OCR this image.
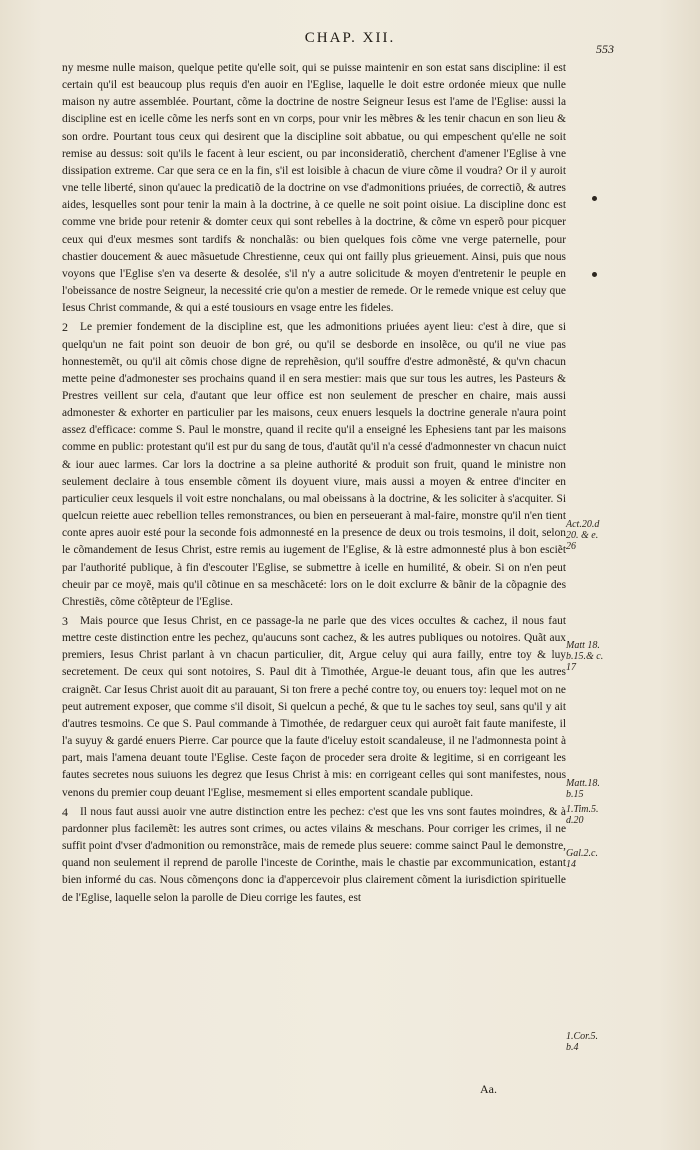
CHAP. XII.
553

ny mesme nulle maison, quelque petite qu'elle soit, qui se puisse maintenir en son estat sans discipline: il est certain qu'il est beaucoup plus requis d'en auoir en l'Eglise, laquelle le doit estre ordonée mieux que nulle maison ny autre assemblée. Pourtant, cõme la doctrine de nostre Seigneur Iesus est l'ame de l'Eglise: aussi la discipline est en icelle cõme les nerfs sont en vn corps, pour vnir les mẽbres & les tenir chacun en son lieu & son ordre. Pourtant tous ceux qui desirent que la discipline soit abbatue, ou qui empeschent qu'elle ne soit remise au dessus: soit qu'ils le facent à leur escient, ou par inconsideratiõ, cherchent d'amener l'Eglise à vne dissipation extreme. Car que sera ce en la fin, s'il est loisible à chacun de viure cõme il voudra? Or il y auroit vne telle liberté, sinon qu'auec la predicatiõ de la doctrine on vse d'admonitions priuées, de correctiõ, & autres aides, lesquelles sont pour tenir la main à la doctrine, à ce quelle ne soit point oisiue. La discipline donc est comme vne bride pour retenir & domter ceux qui sont rebelles à la doctrine, & cõme vn esperõ pour picquer ceux qui d'eux mesmes sont tardifs & nonchalãs: ou bien quelques fois cõme vne verge paternelle, pour chastier doucement & auec mãsuetude Chrestienne, ceux qui ont failly plus grieuement. Ainsi, puis que nous voyons que l'Eglise s'en va deserte & desolée, s'il n'y a autre solicitude & moyen d'entretenir le peuple en l'obeissance de nostre Seigneur, la necessité crie qu'on a mestier de remede. Or le remede vnique est celuy que Iesus Christ commande, & qui a esté tousiours en vsage entre les fideles.

2 Le premier fondement de la discipline est, que les admonitions priuées ayent lieu: c'est à dire, que si quelqu'un ne fait point son deuoir de bon gré, ou qu'il se desborde en insolẽce, ou qu'il ne viue pas honnestemẽt, ou qu'il ait cõmis chose digne de reprehẽsion, qu'il souffre d'estre admonẽsté, & qu'vn chacun mette peine d'admonester ses prochains quand il en sera mestier: mais que sur tous les autres, les Pasteurs & Prestres veillent sur cela, d'autant que leur office est non seulement de prescher en chaire, mais aussi admonester & exhorter en particulier par les maisons, ceux enuers lesquels la doctrine generale n'aura point assez d'efficace: comme S. Paul le monstre, quand il recite qu'il a enseigné les Ephesiens tant par les maisons comme en public: protestant qu'il est pur du sang de tous, d'autãt qu'il n'a cessé d'admonnester vn chacun nuict & iour auec larmes. Car lors la doctrine a sa pleine authorité & produit son fruit, quand le ministre non seulement declaire à tous ensemble cõment ils doyuent viure, mais aussi a moyen & entree d'inciter en particulier ceux lesquels il voit estre nonchalans, ou mal obeissans à la doctrine, & les soliciter à s'acquiter. Si quelcun reiette auec rebellion telles remonstrances, ou bien en perseuerant à mal-faire, monstre qu'il n'en tient conte apres auoir esté pour la seconde fois admonnesté en la presence de deux ou trois tesmoins, il doit, selon le cõmandement de Iesus Christ, estre remis au iugement de l'Eglise, & là estre admonnesté plus à bon esciẽt par l'authorité publique, à fin d'escouter l'Eglise, se submettre à icelle en humilité, & obeir. Si on n'en peut cheuir par ce moyẽ, mais qu'il cõtinue en sa meschãceté: lors on le doit exclurre & bãnir de la cõpagnie des Chrestiẽs, cõme cõtẽpteur de l'Eglise.

3 Mais pource que Iesus Christ, en ce passage-la ne parle que des vices occultes & cachez, il nous faut mettre ceste distinction entre les pechez, qu'aucuns sont cachez, & les autres publiques ou notoires. Quãt aux premiers, Iesus Christ parlant à vn chacun particulier, dit, Argue celuy qui aura failly, entre toy & luy secretement. De ceux qui sont notoires, S. Paul dit à Timothée, Argue-le deuant tous, afin que les autres craignẽt. Car Iesus Christ auoit dit au parauant, Si ton frere a peché contre toy, ou enuers toy: lequel mot on ne peut autrement exposer, que comme s'il disoit, Si quelcun a peché, & que tu le saches toy seul, sans qu'il y ait d'autres tesmoins. Ce que S. Paul commande à Timothée, de redarguer ceux qui auroẽt fait faute manifeste, il l'a suyuy & gardé enuers Pierre. Car pource que la faute d'iceluy estoit scandaleuse, il ne l'admonnesta point à part, mais l'amena deuant toute l'Eglise. Ceste façon de proceder sera droite & legitime, si en corrigeant les fautes secretes nous suiuons les degrez que Iesus Christ à mis: en corrigeant celles qui sont manifestes, nous venons du premier coup deuant l'Eglise, mesmement si elles emportent scandale publique.

4 Il nous faut aussi auoir vne autre distinction entre les pechez: c'est que les vns sont fautes moindres, & à pardonner plus facilemẽt: les autres sont crimes, ou actes vilains & meschans. Pour corriger les crimes, il ne suffit point d'vser d'admonition ou remonstrãce, mais de remede plus seuere: comme sainct Paul le demonstre, quand non seulement il reprend de parolle l'inceste de Corinthe, mais le chastie par excommunication, estant bien informé du cas. Nous cõmençons donc ia d'appercevoir plus clairement cõment la iurisdiction spirituelle de l'Eglise, laquelle selon la parolle de Dieu corrige les fautes, est

Act.20.d
20. & e.
26
Matt 18.
b.15.& c.
17
Matt.18.
b.15
1.Tim.5.
d.20
Gal.2.c.
14
1.Cor.5.
b.4
Aa.
